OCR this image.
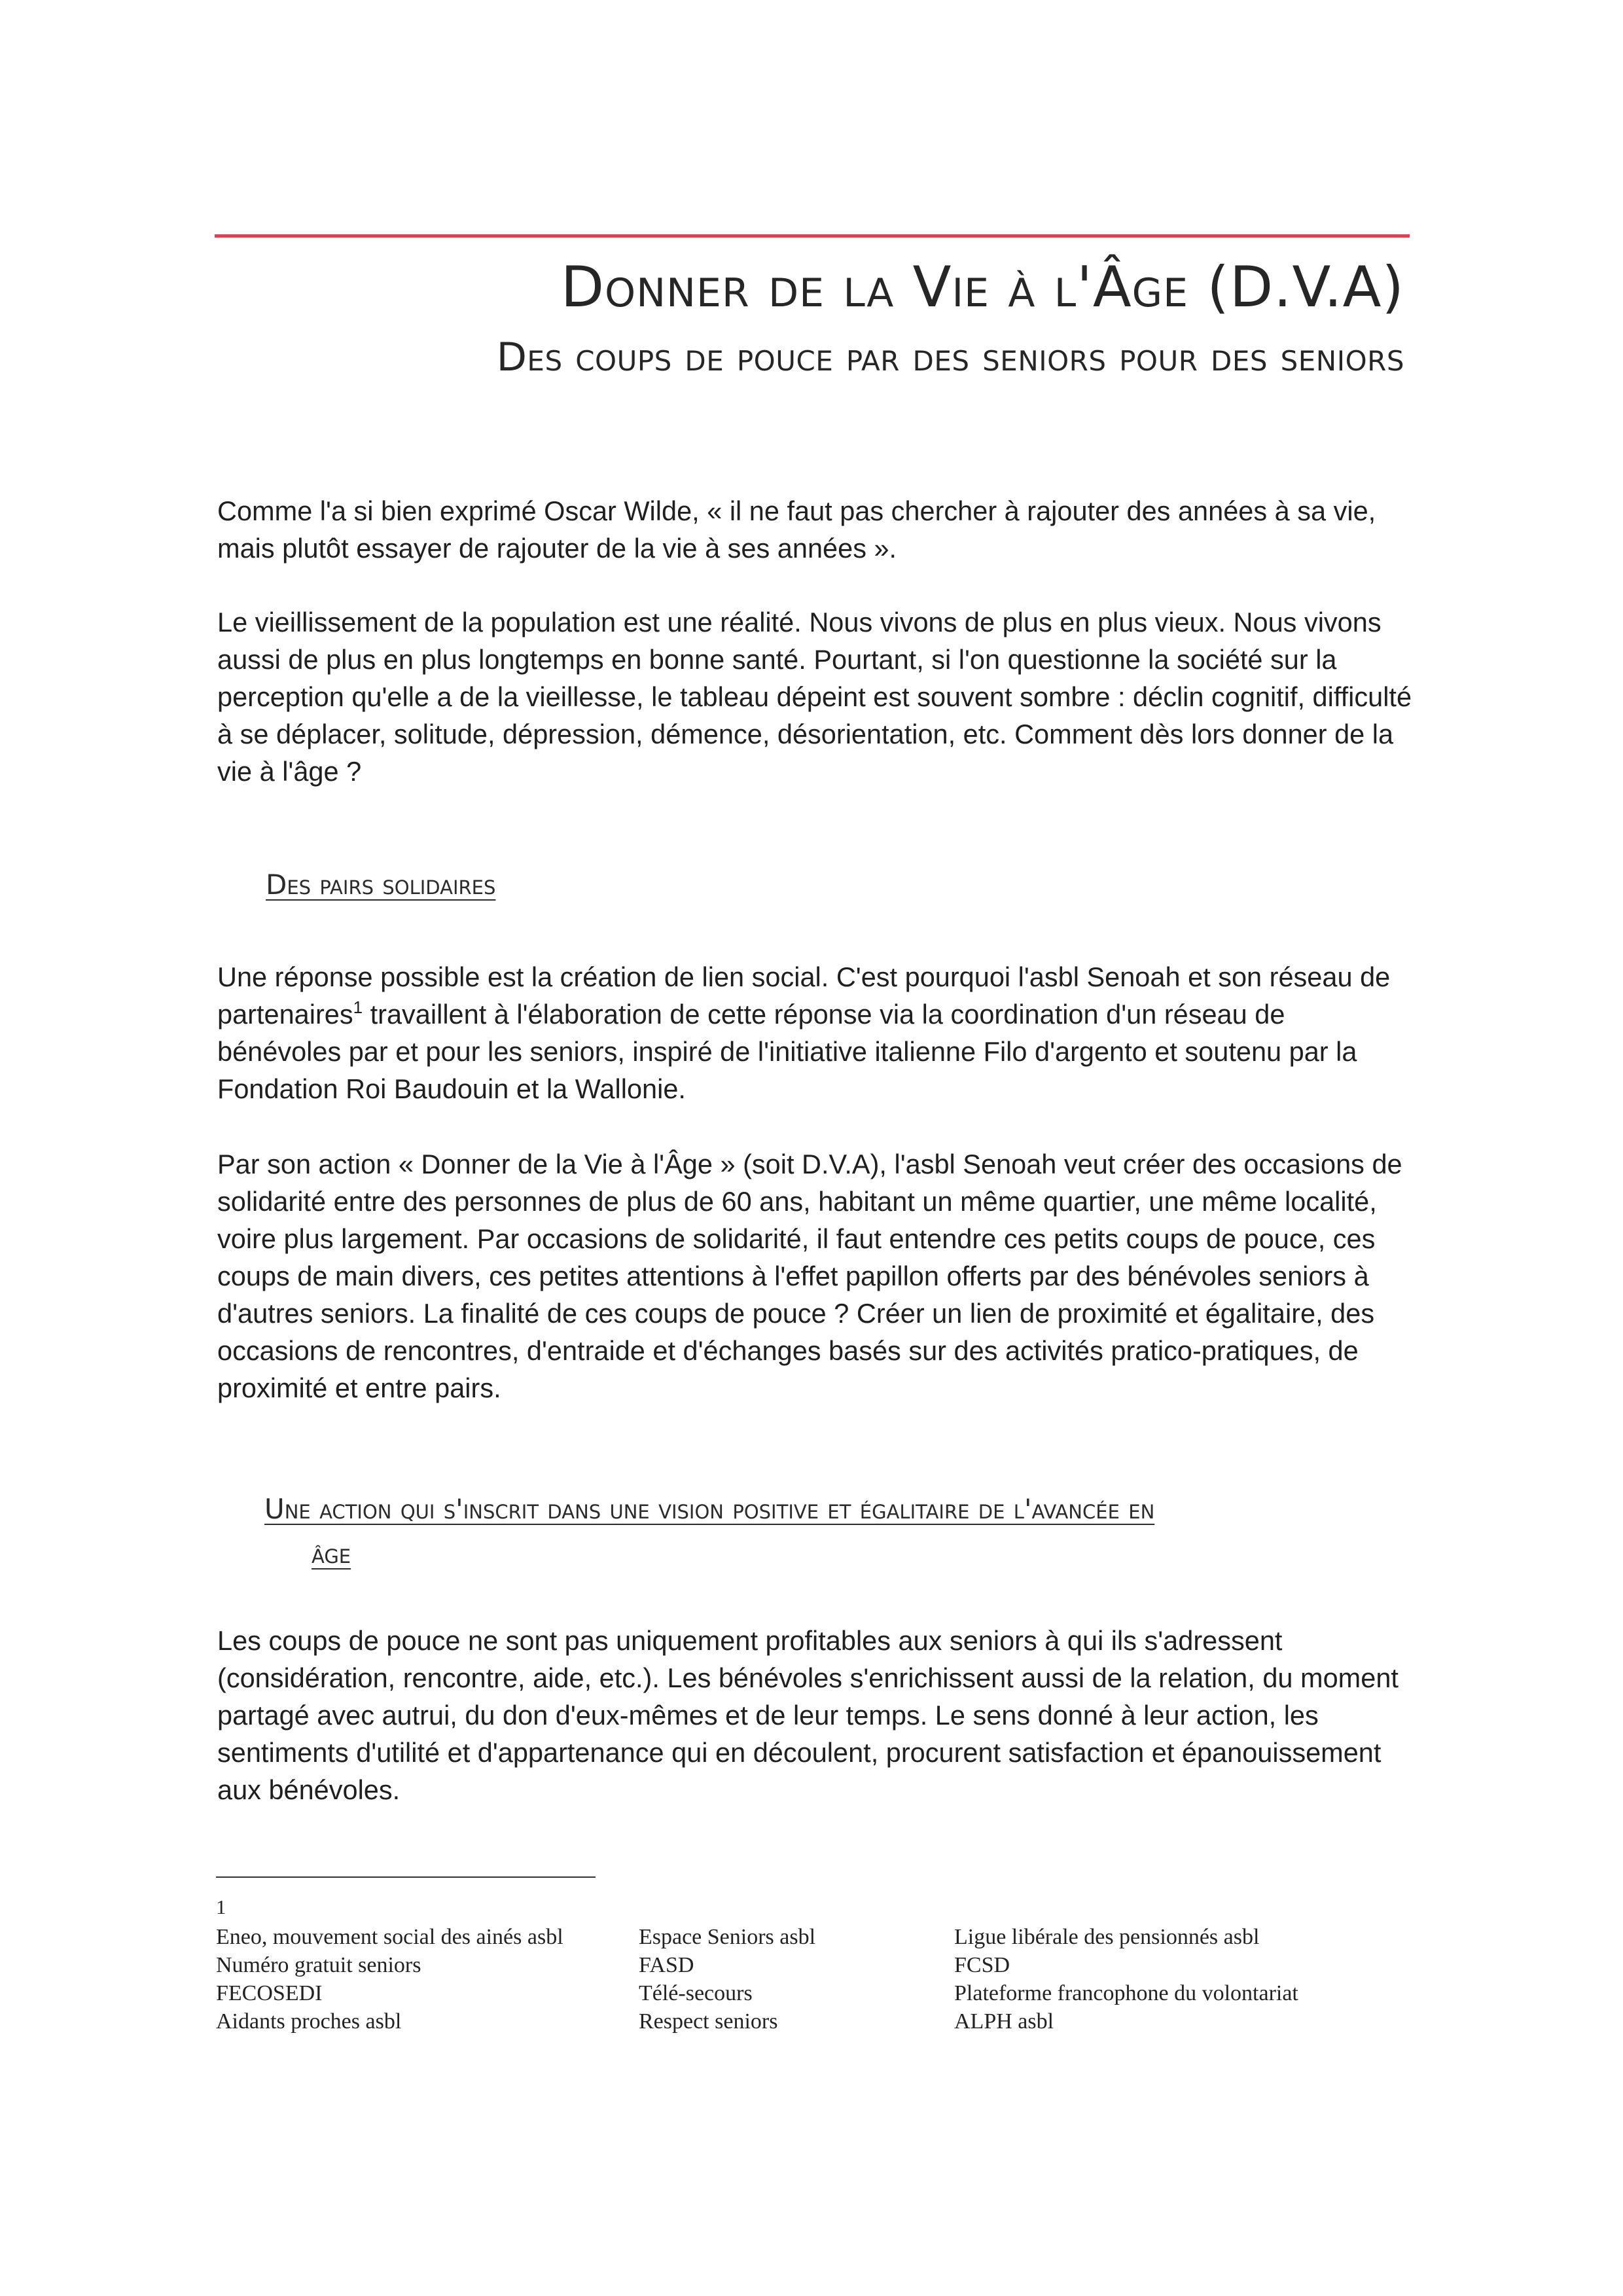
Donner de la Vie à l'Âge (D.V.A)
Des coups de pouce par des seniors pour des seniors

Comme l'a si bien exprimé Oscar Wilde, « il ne faut pas chercher à rajouter des années à sa vie, mais plutôt essayer de rajouter de la vie à ses années ».

Le vieillissement de la population est une réalité. Nous vivons de plus en plus vieux. Nous vivons aussi de plus en plus longtemps en bonne santé. Pourtant, si l'on questionne la société sur la perception qu'elle a de la vieillesse, le tableau dépeint est souvent sombre : déclin cognitif, difficulté à se déplacer, solitude, dépression, démence, désorientation, etc. Comment dès lors donner de la vie à l'âge ?

Des pairs solidaires

Une réponse possible est la création de lien social. C'est pourquoi l'asbl Senoah et son réseau de partenaires$^1$ travaillent à l'élaboration de cette réponse via la coordination d'un réseau de bénévoles par et pour les seniors, inspiré de l'initiative italienne Filo d'argento et soutenu par la Fondation Roi Baudouin et la Wallonie.

Par son action « Donner de la Vie à l'Âge » (soit D.V.A), l'asbl Senoah veut créer des occasions de solidarité entre des personnes de plus de 60 ans, habitant un même quartier, une même localité, voire plus largement. Par occasions de solidarité, il faut entendre ces petits coups de pouce, ces coups de main divers, ces petites attentions à l'effet papillon offerts par des bénévoles seniors à d'autres seniors. La finalité de ces coups de pouce ? Créer un lien de proximité et égalitaire, des occasions de rencontres, d'entraide et d'échanges basés sur des activités pratico-pratiques, de proximité et entre pairs.

Une action qui s'inscrit dans une vision positive et égalitaire de l'avancée en
âge

Les coups de pouce ne sont pas uniquement profitables aux seniors à qui ils s'adressent (considération, rencontre, aide, etc.). Les bénévoles s'enrichissent aussi de la relation, du moment partagé avec autrui, du don d'eux-mêmes et de leur temps. Le sens donné à leur action, les sentiments d'utilité et d'appartenance qui en découlent, procurent satisfaction et épanouissement aux bénévoles.

1
Eneo, mouvement social des ainés asbl
Numéro gratuit seniors
FECOSEDI
Aidants proches asbl
Espace Seniors asbl
FASD
Télé-secours
Respect seniors
Ligue libérale des pensionnés asbl
FCSD
Plateforme francophone du volontariat
ALPH asbl
